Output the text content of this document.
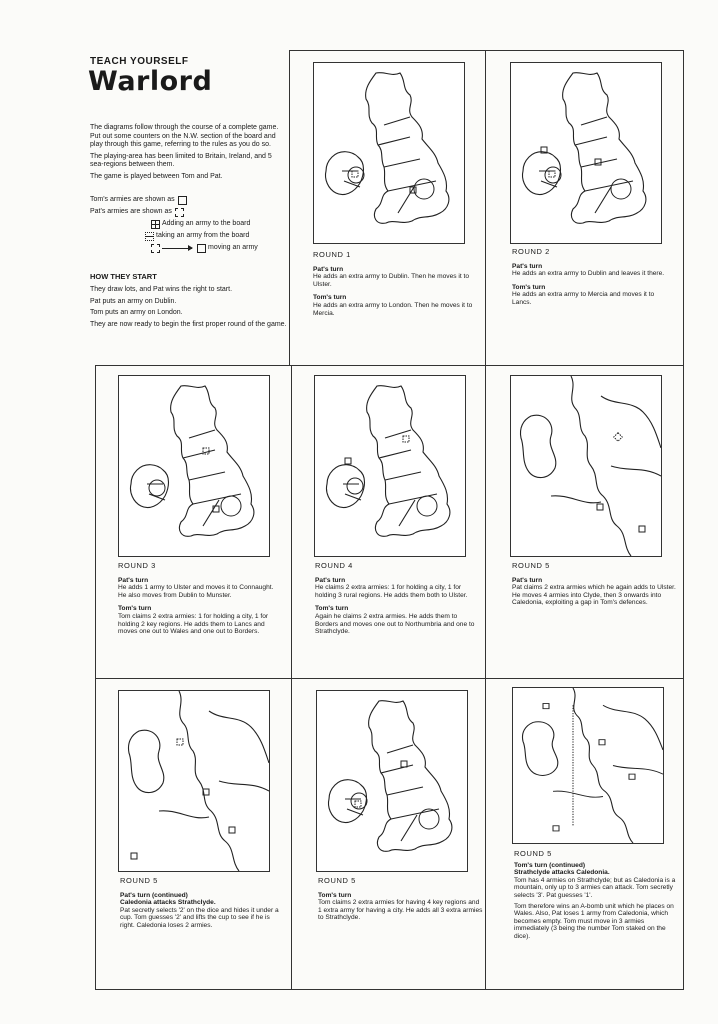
TEACH YOURSELF
Warlord

The diagrams follow through the course of a complete game. Put out some counters on the N.W. section of the board and play through this game, referring to the rules as you do so.

The playing-area has been limited to Britain, Ireland, and 5 sea-regions between them.

The game is played between Tom and Pat.

Tom's armies are shown as
Pat's armies are shown as
Adding an army to the board
taking an army from the board
moving an army
HOW THEY START

They draw lots, and Pat wins the right to start.

Pat puts an army on Dublin.

Tom puts an army on London.

They are now ready to begin the first proper round of the game.

ROUND 1
Pat's turn
He adds an extra army to Dublin. Then he moves it to Ulster.
Tom's turn
He adds an extra army to London. Then he moves it to Mercia.
ROUND 2
Pat's turn
He adds an extra army to Dublin and leaves it there.
Tom's turn
He adds an extra army to Mercia and moves it to Lancs.
ROUND 3
Pat's turn
He adds 1 army to Ulster and moves it to Connaught. He also moves from Dublin to Munster.
Tom's turn
Tom claims 2 extra armies: 1 for holding a city, 1 for holding 2 key regions. He adds them to Lancs and moves one out to Wales and one out to Borders.
ROUND 4
Pat's turn
He claims 2 extra armies: 1 for holding a city, 1 for holding 3 rural regions. He adds them both to Ulster.
Tom's turn
Again he claims 2 extra armies. He adds them to Borders and moves one out to Northumbria and one to Strathclyde.
ROUND 5
Pat's turn
Pat claims 2 extra armies which he again adds to Ulster. He moves 4 armies into Clyde, then 3 onwards into Caledonia, exploiting a gap in Tom's defences.
ROUND 5
Pat's turn (continued)
Caledonia attacks Strathclyde.
Pat secretly selects '2' on the dice and hides it under a cup. Tom guesses '2' and lifts the cup to see if he is right. Caledonia loses 2 armies.
ROUND 5
Tom's turn
Tom claims 2 extra armies for having 4 key regions and 1 extra army for having a city. He adds all 3 extra armies to Strathclyde.
ROUND 5
Tom's turn (continued)
Strathclyde attacks Caledonia.
Tom has 4 armies on Strathclyde; but as Caledonia is a mountain, only up to 3 armies can attack. Tom secretly selects '3'. Pat guesses '1'.
Tom therefore wins an A-bomb unit which he places on Wales. Also, Pat loses 1 army from Caledonia, which becomes empty. Tom must move in 3 armies immediately (3 being the number Tom staked on the dice).
